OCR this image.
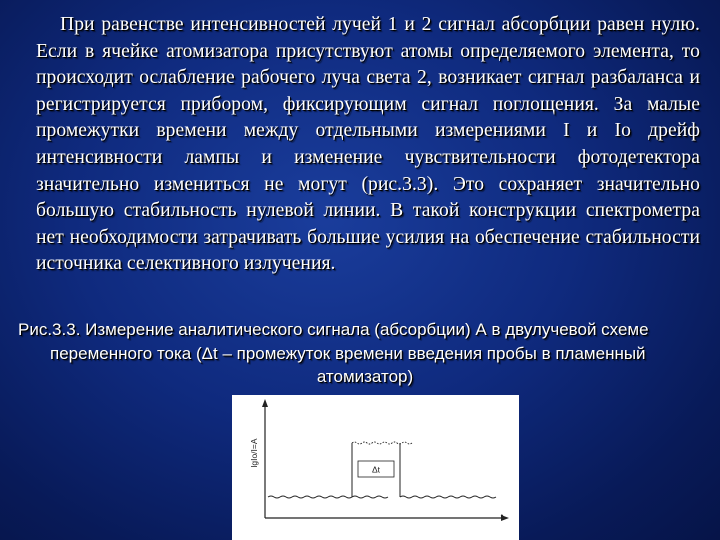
При равенстве интенсивностей лучей 1 и 2 сигнал абсорбции равен нулю. Если в ячейке атомизатора присутствуют атомы определяемого элемента, то происходит ослабление рабочего луча света 2, возникает сигнал разбаланса и регистрируется прибором, фиксирующим сигнал поглощения. За малые промежутки времени между отдельными измерениями I и Io дрейф интенсивности лампы и изменение чувствительности фотодетектора значительно измениться не могут (рис.3.3). Это сохраняет значительно большую стабильность нулевой линии. В такой конструкции спектрометра нет необходимости затрачивать большие усилия на обеспечение стабильности источника селективного излучения.

Рис.3.3. Измерение аналитического сигнала (абсорбции) А в двулучевой схеме
переменного тока (Δt – промежуток времени введения пробы в пламенный
атомизатор)

lgIo/I=A
t
Δt
